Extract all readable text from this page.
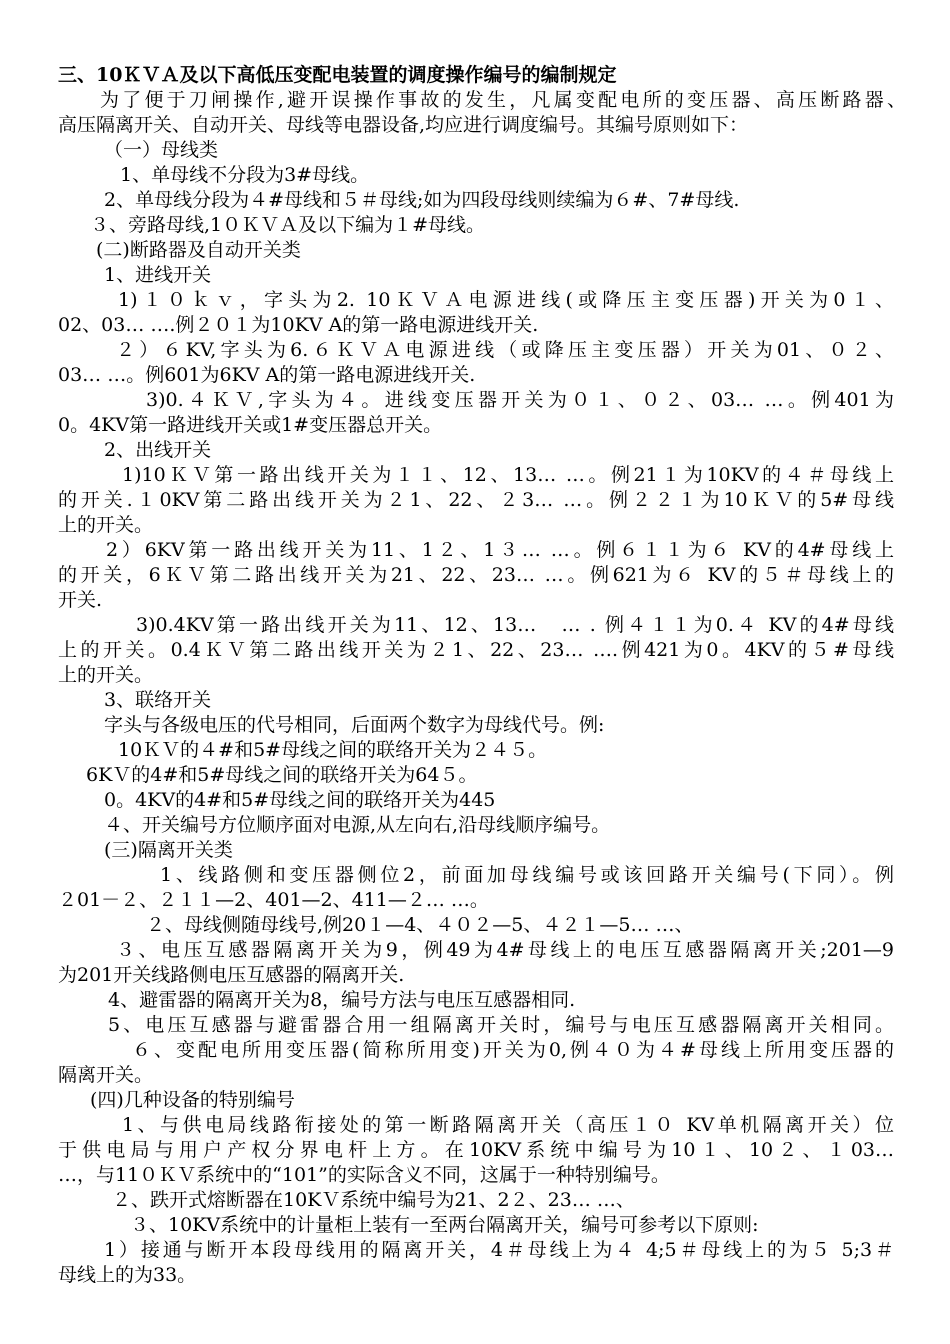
三、10ＫＶＡ及以下高低压变配电装置的调度操作编号的编制规定
为了便于刀闸操作,避开误操作事故的发生，凡属变配电所的变压器、高压断路器、
高压隔离开关、自动开关、母线等电器设备,均应进行调度编号。其编号原则如下：
（一）母线类
1、单母线不分段为3#母线。
2、单母线分段为４#母线和５＃母线;如为四段母线则续编为６#、7#母线.
３、旁路母线,1０ＫＶＡ及以下编为１#母线。
(二)断路器及自动开关类
1、进线开关
1)１０ｋｖ，字头为2. 10ＫＶＡ电源进线(或降压主变压器)开关为0１、
02、03… ….例２０１为10KV A的第一路电源进线开关.
２）６KV,字头为6.６ＫＶＡ电源进线（或降压主变压器）开关为01、０２、
03… …。例601为6KV A的第一路电源进线开关.
3)0.４ＫＶ,字头为４。进线变压器开关为０１、０２、03… …。例401为
0。4KV第一路进线开关或1#变压器总开关。
2、出线开关
1)10ＫＶ第一路出线开关为１１、12、13… …。例21１为10KV的４＃母线上
的开关.１0KV第二路出线开关为２1、22、２3… …。例２２１为10ＫＶ的5#母线
上的开关。
2）6KV第一路出线开关为11、1２、1３… …。例６１１为６ KV的4#母线上
的开关，6ＫＶ第二路出线开关为21、22、23… …。例621为６ KV的５＃母线上的
开关.
3)0.4KV第一路出线开关为11、12、13…　… . 例４１１为0.４ KV的4#母线
上的开关。0.4ＫＶ第二路出线开关为２1、22、23… ….例421为0。4KV的５#母线
上的开关。
3、联络开关
字头与各级电压的代号相同，后面两个数字为母线代号。例:
10ＫＶ的４#和5#母线之间的联络开关为２４５。
6KＶ的4#和5#母线之间的联络开关为64５。
0。4KV的4#和5#母线之间的联络开关为445
４、开关编号方位顺序面对电源,从左向右,沿母线顺序编号。
(三)隔离开关类
1、线路侧和变压器侧位2，前面加母线编号或该回路开关编号(下同）。例
２01－２、２１１—2、401—2、411—２… …。
２、母线侧随母线号,例20１—4、４０２—5、４２１—5… …、
３、电压互感器隔离开关为9，例49为4#母线上的电压互感器隔离开关;201—9
为201开关线路侧电压互感器的隔离开关.
4、避雷器的隔离开关为8，编号方法与电压互感器相同.
5、电压互感器与避雷器合用一组隔离开关时，编号与电压互感器隔离开关相同。
６、变配电所用变压器(简称所用变)开关为0,例４０为４#母线上所用变压器的
隔离开关。
(四)几种设备的特别编号
1、与供电局线路衔接处的第一断路隔离开关（高压１０ KV单机隔离开关）位
于供电局与用户产权分界电杆上方。在10KV系统中编号为10１、10２、１03…
…，与11０ＫＶ系统中的“101”的实际含义不同，这属于一种特别编号。
２、跌开式熔断器在10KＶ系统中编号为21、2２、23… …、
３、10KV系统中的计量柜上装有一至两台隔离开关，编号可参考以下原则:
1）接通与断开本段母线用的隔离开关，4＃母线上为４ 4;5＃母线上的为５ 5;3＃
母线上的为33。
